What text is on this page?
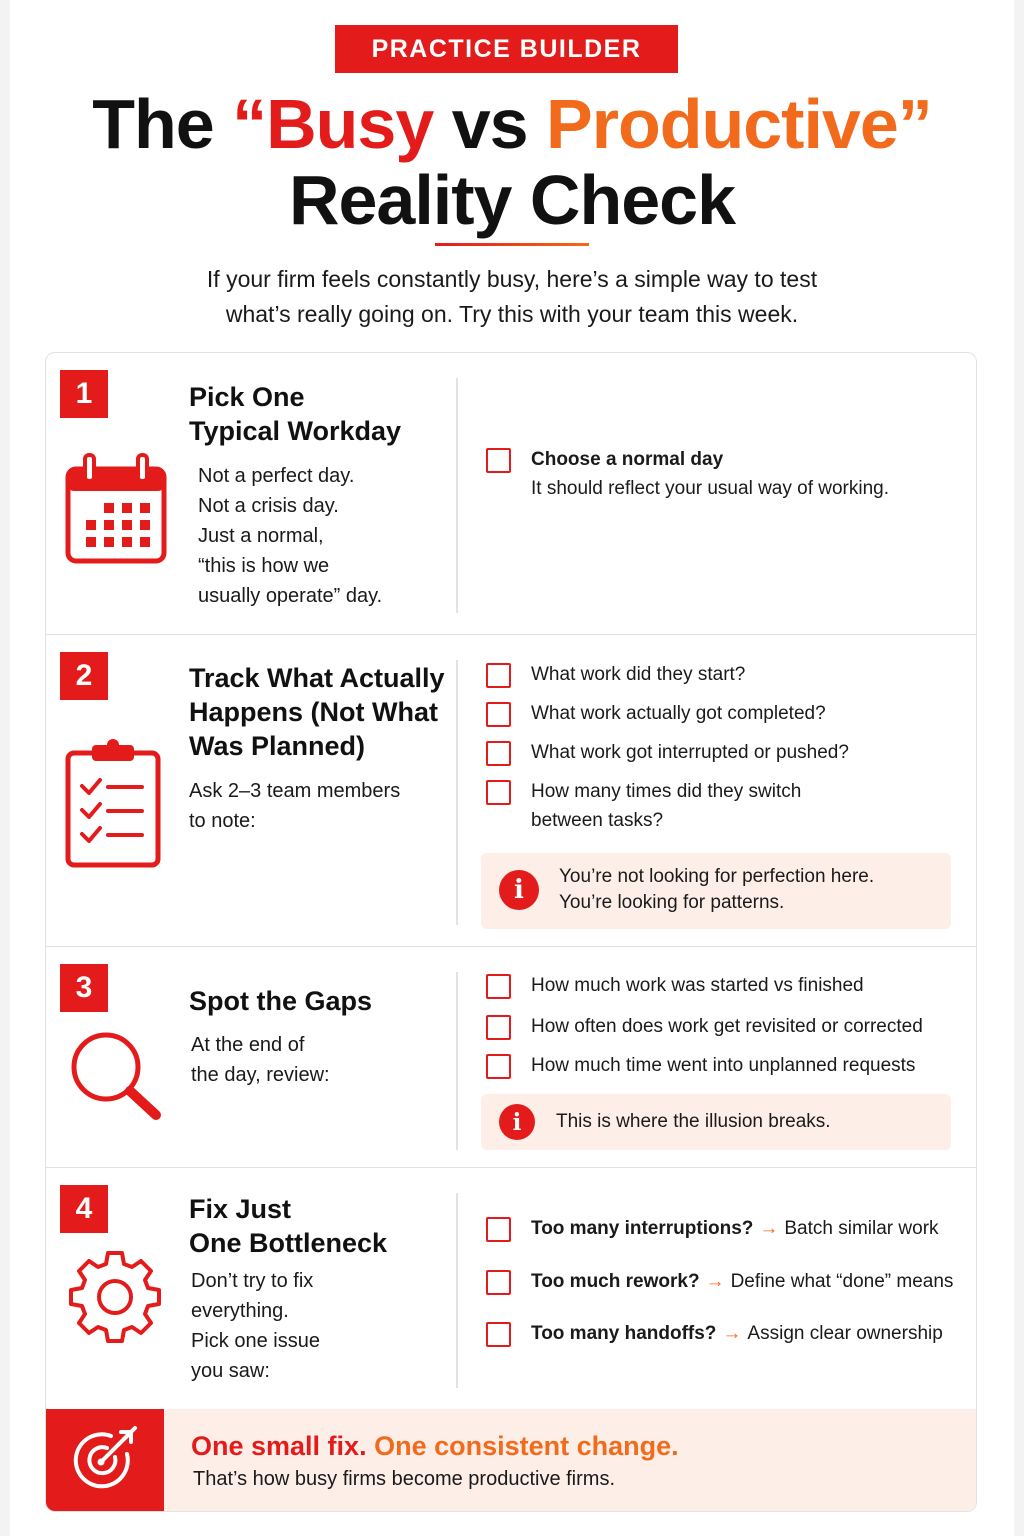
PRACTICE BUILDER
The “Busy vs Productive”
Reality Check
If your firm feels constantly busy, here’s a simple way to test
what’s really going on. Try this with your team this week.
1	Pick One
Typical Workday
Not a perfect day.
Not a crisis day.
Just a normal,
“this is how we
usually operate” day.
Choose a normal day
It should reflect your usual way of working.
2	Track What Actually
Happens (Not What
Was Planned)
Ask 2–3 team members
to note:
What work did they start?
What work actually got completed?
What work got interrupted or pushed?
How many times did they switch
between tasks?
i	You’re not looking for perfection here.
You’re looking for patterns.
3	Spot the Gaps
At the end of
the day, review:
How much work was started vs finished
How often does work get revisited or corrected
How much time went into unplanned requests
i	This is where the illusion breaks.
4	Fix Just
One Bottleneck
Don’t try to fix
everything.
Pick one issue
you saw:
Too many interruptions? → Batch similar work
Too much rework? → Define what “done” means
Too many handoffs? → Assign clear ownership
One small fix. One consistent change.
That’s how busy firms become productive firms.
